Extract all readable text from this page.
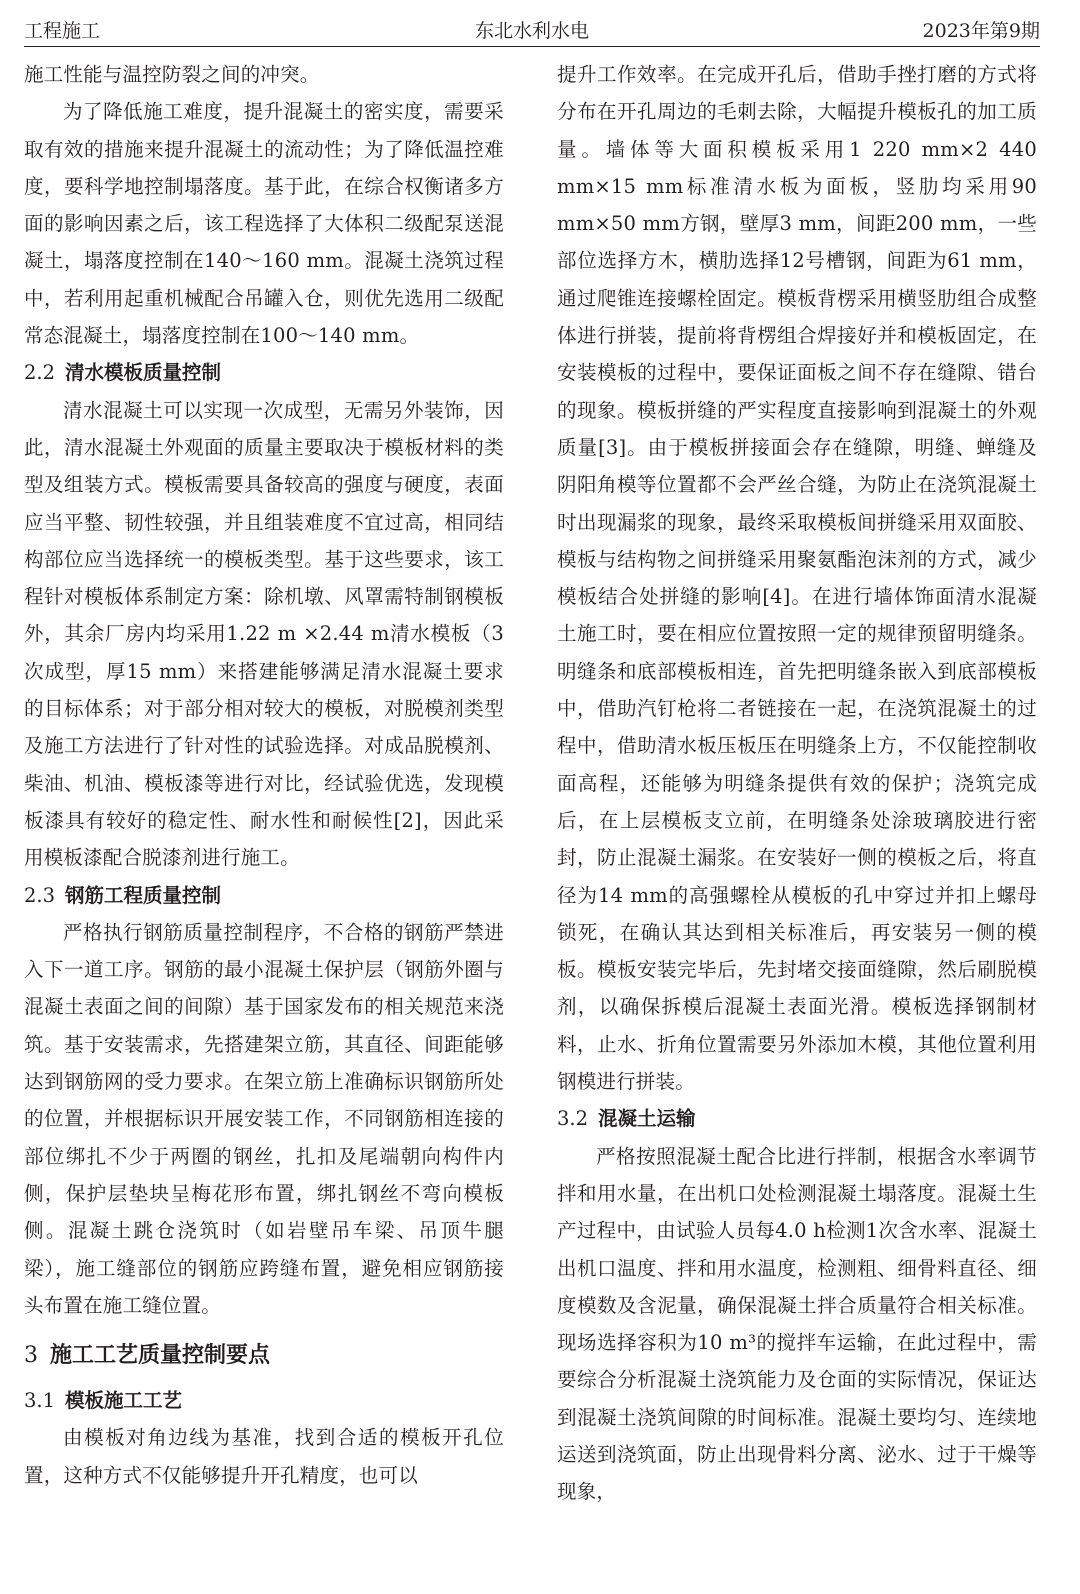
工程施工	东北水利水电	2023年第9期

施工性能与温控防裂之间的冲突。

为了降低施工难度，提升混凝土的密实度，需要采取有效的措施来提升混凝土的流动性；为了降低温控难度，要科学地控制塌落度。基于此，在综合权衡诸多方面的影响因素之后，该工程选择了大体积二级配泵送混凝土，塌落度控制在140～160 mm。混凝土浇筑过程中，若利用起重机械配合吊罐入仓，则优先选用二级配常态混凝土，塌落度控制在100～140 mm。

2.2 清水模板质量控制

清水混凝土可以实现一次成型，无需另外装饰，因此，清水混凝土外观面的质量主要取决于模板材料的类型及组装方式。模板需要具备较高的强度与硬度，表面应当平整、韧性较强，并且组装难度不宜过高，相同结构部位应当选择统一的模板类型。基于这些要求，该工程针对模板体系制定方案：除机墩、风罩需特制钢模板外，其余厂房内均采用1.22 m ×2.44 m清水模板（3次成型，厚15 mm）来搭建能够满足清水混凝土要求的目标体系；对于部分相对较大的模板，对脱模剂类型及施工方法进行了针对性的试验选择。对成品脱模剂、柴油、机油、模板漆等进行对比，经试验优选，发现模板漆具有较好的稳定性、耐水性和耐候性[2]，因此采用模板漆配合脱漆剂进行施工。

2.3 钢筋工程质量控制

严格执行钢筋质量控制程序，不合格的钢筋严禁进入下一道工序。钢筋的最小混凝土保护层（钢筋外圈与混凝土表面之间的间隙）基于国家发布的相关规范来浇筑。基于安装需求，先搭建架立筋，其直径、间距能够达到钢筋网的受力要求。在架立筋上准确标识钢筋所处的位置，并根据标识开展安装工作，不同钢筋相连接的部位绑扎不少于两圈的钢丝，扎扣及尾端朝向构件内侧，保护层垫块呈梅花形布置，绑扎钢丝不弯向模板侧。混凝土跳仓浇筑时（如岩壁吊车梁、吊顶牛腿梁），施工缝部位的钢筋应跨缝布置，避免相应钢筋接头布置在施工缝位置。

3 施工工艺质量控制要点
3.1 模板施工工艺

由模板对角边线为基准，找到合适的模板开孔位置，这种方式不仅能够提升开孔精度，也可以

提升工作效率。在完成开孔后，借助手挫打磨的方式将分布在开孔周边的毛刺去除，大幅提升模板孔的加工质量。墙体等大面积模板采用1 220 mm×2 440 mm×15 mm标准清水板为面板，竖肋均采用90 mm×50 mm方钢，壁厚3 mm，间距200 mm，一些部位选择方木，横肋选择12号槽钢，间距为61 mm，通过爬锥连接螺栓固定。模板背楞采用横竖肋组合成整体进行拼装，提前将背楞组合焊接好并和模板固定，在安装模板的过程中，要保证面板之间不存在缝隙、错台的现象。模板拼缝的严实程度直接影响到混凝土的外观质量[3]。由于模板拼接面会存在缝隙，明缝、蝉缝及阴阳角模等位置都不会严丝合缝，为防止在浇筑混凝土时出现漏浆的现象，最终采取模板间拼缝采用双面胶、模板与结构物之间拼缝采用聚氨酯泡沫剂的方式，减少模板结合处拼缝的影响[4]。在进行墙体饰面清水混凝土施工时，要在相应位置按照一定的规律预留明缝条。明缝条和底部模板相连，首先把明缝条嵌入到底部模板中，借助汽钉枪将二者链接在一起，在浇筑混凝土的过程中，借助清水板压板压在明缝条上方，不仅能控制收面高程，还能够为明缝条提供有效的保护；浇筑完成后，在上层模板支立前，在明缝条处涂玻璃胶进行密封，防止混凝土漏浆。在安装好一侧的模板之后，将直径为14 mm的高强螺栓从模板的孔中穿过并扣上螺母锁死，在确认其达到相关标准后，再安装另一侧的模板。模板安装完毕后，先封堵交接面缝隙，然后刷脱模剂，以确保拆模后混凝土表面光滑。模板选择钢制材料，止水、折角位置需要另外添加木模，其他位置利用钢模进行拼装。

3.2 混凝土运输

严格按照混凝土配合比进行拌制，根据含水率调节拌和用水量，在出机口处检测混凝土塌落度。混凝土生产过程中，由试验人员每4.0 h检测1次含水率、混凝土出机口温度、拌和用水温度，检测粗、细骨料直径、细度模数及含泥量，确保混凝土拌合质量符合相关标准。现场选择容积为10 m³的搅拌车运输，在此过程中，需要综合分析混凝土浇筑能力及仓面的实际情况，保证达到混凝土浇筑间隙的时间标准。混凝土要均匀、连续地运送到浇筑面，防止出现骨料分离、泌水、过于干燥等现象，
